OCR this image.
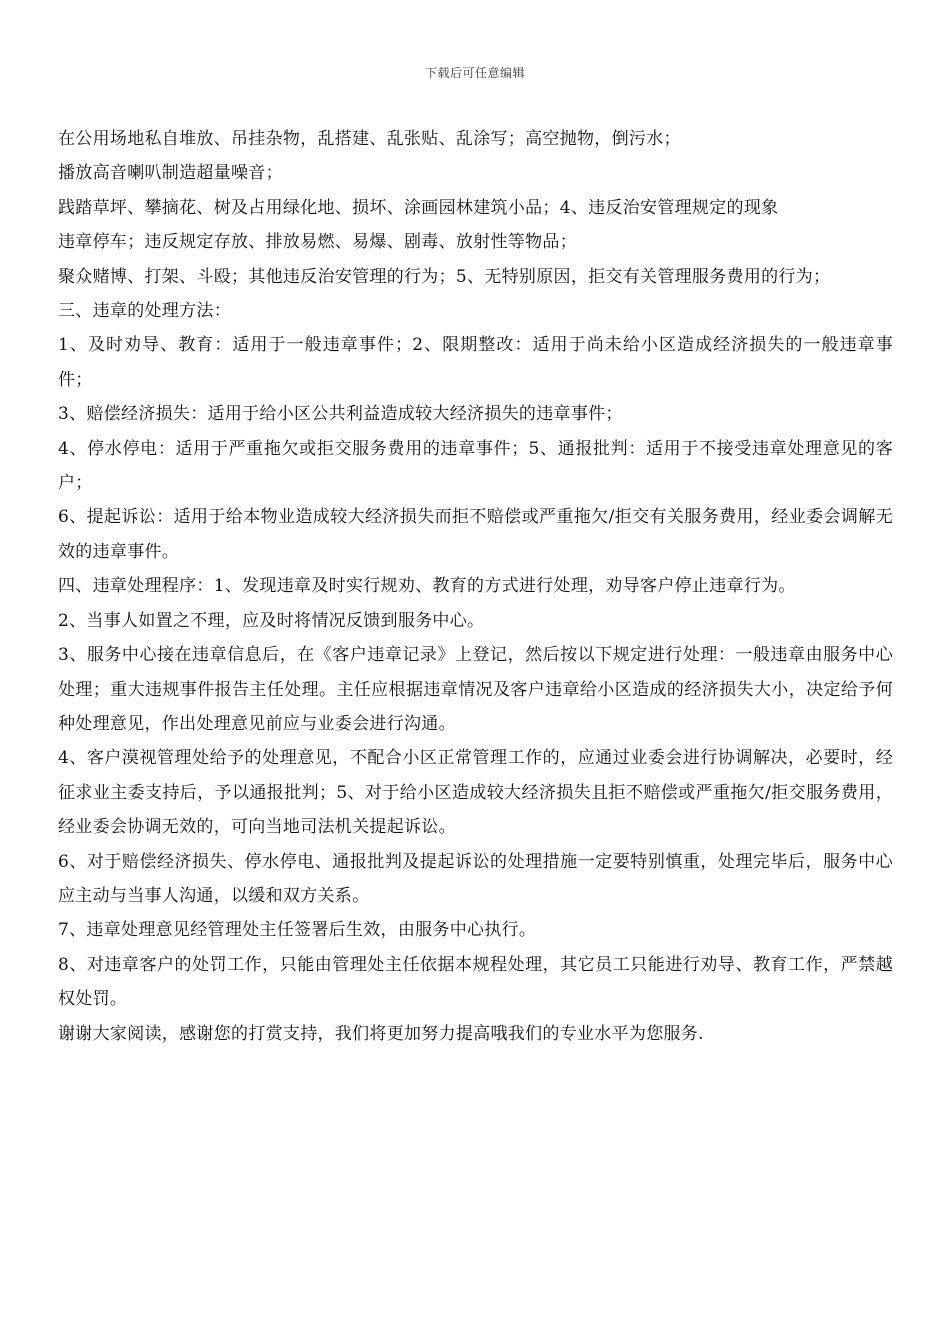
下载后可任意编辑

在公用场地私自堆放、吊挂杂物，乱搭建、乱张贴、乱涂写；高空抛物，倒污水；

播放高音喇叭制造超量噪音；

践踏草坪、攀摘花、树及占用绿化地、损坏、涂画园林建筑小品；4、违反治安管理规定的现象

违章停车；违反规定存放、排放易燃、易爆、剧毒、放射性等物品；

聚众赌博、打架、斗殴；其他违反治安管理的行为；5、无特别原因，拒交有关管理服务费用的行为；

三、违章的处理方法：

1、及时劝导、教育：适用于一般违章事件；2、限期整改：适用于尚未给小区造成经济损失的一般违章事件；

3、赔偿经济损失：适用于给小区公共利益造成较大经济损失的违章事件；

4、停水停电：适用于严重拖欠或拒交服务费用的违章事件；5、通报批判：适用于不接受违章处理意见的客户；

6、提起诉讼：适用于给本物业造成较大经济损失而拒不赔偿或严重拖欠/拒交有关服务费用，经业委会调解无效的违章事件。

四、违章处理程序：1、发现违章及时实行规劝、教育的方式进行处理，劝导客户停止违章行为。

2、当事人如置之不理，应及时将情况反馈到服务中心。

3、服务中心接在违章信息后，在《客户违章记录》上登记，然后按以下规定进行处理：一般违章由服务中心处理；重大违规事件报告主任处理。主任应根据违章情况及客户违章给小区造成的经济损失大小，决定给予何种处理意见，作出处理意见前应与业委会进行沟通。

4、客户漠视管理处给予的处理意见，不配合小区正常管理工作的，应通过业委会进行协调解决，必要时，经征求业主委支持后，予以通报批判；5、对于给小区造成较大经济损失且拒不赔偿或严重拖欠/拒交服务费用，经业委会协调无效的，可向当地司法机关提起诉讼。

6、对于赔偿经济损失、停水停电、通报批判及提起诉讼的处理措施一定要特别慎重，处理完毕后，服务中心应主动与当事人沟通，以缓和双方关系。

7、违章处理意见经管理处主任签署后生效，由服务中心执行。

8、对违章客户的处罚工作，只能由管理处主任依据本规程处理，其它员工只能进行劝导、教育工作，严禁越权处罚。

谢谢大家阅读，感谢您的打赏支持，我们将更加努力提高哦我们的专业水平为您服务.
